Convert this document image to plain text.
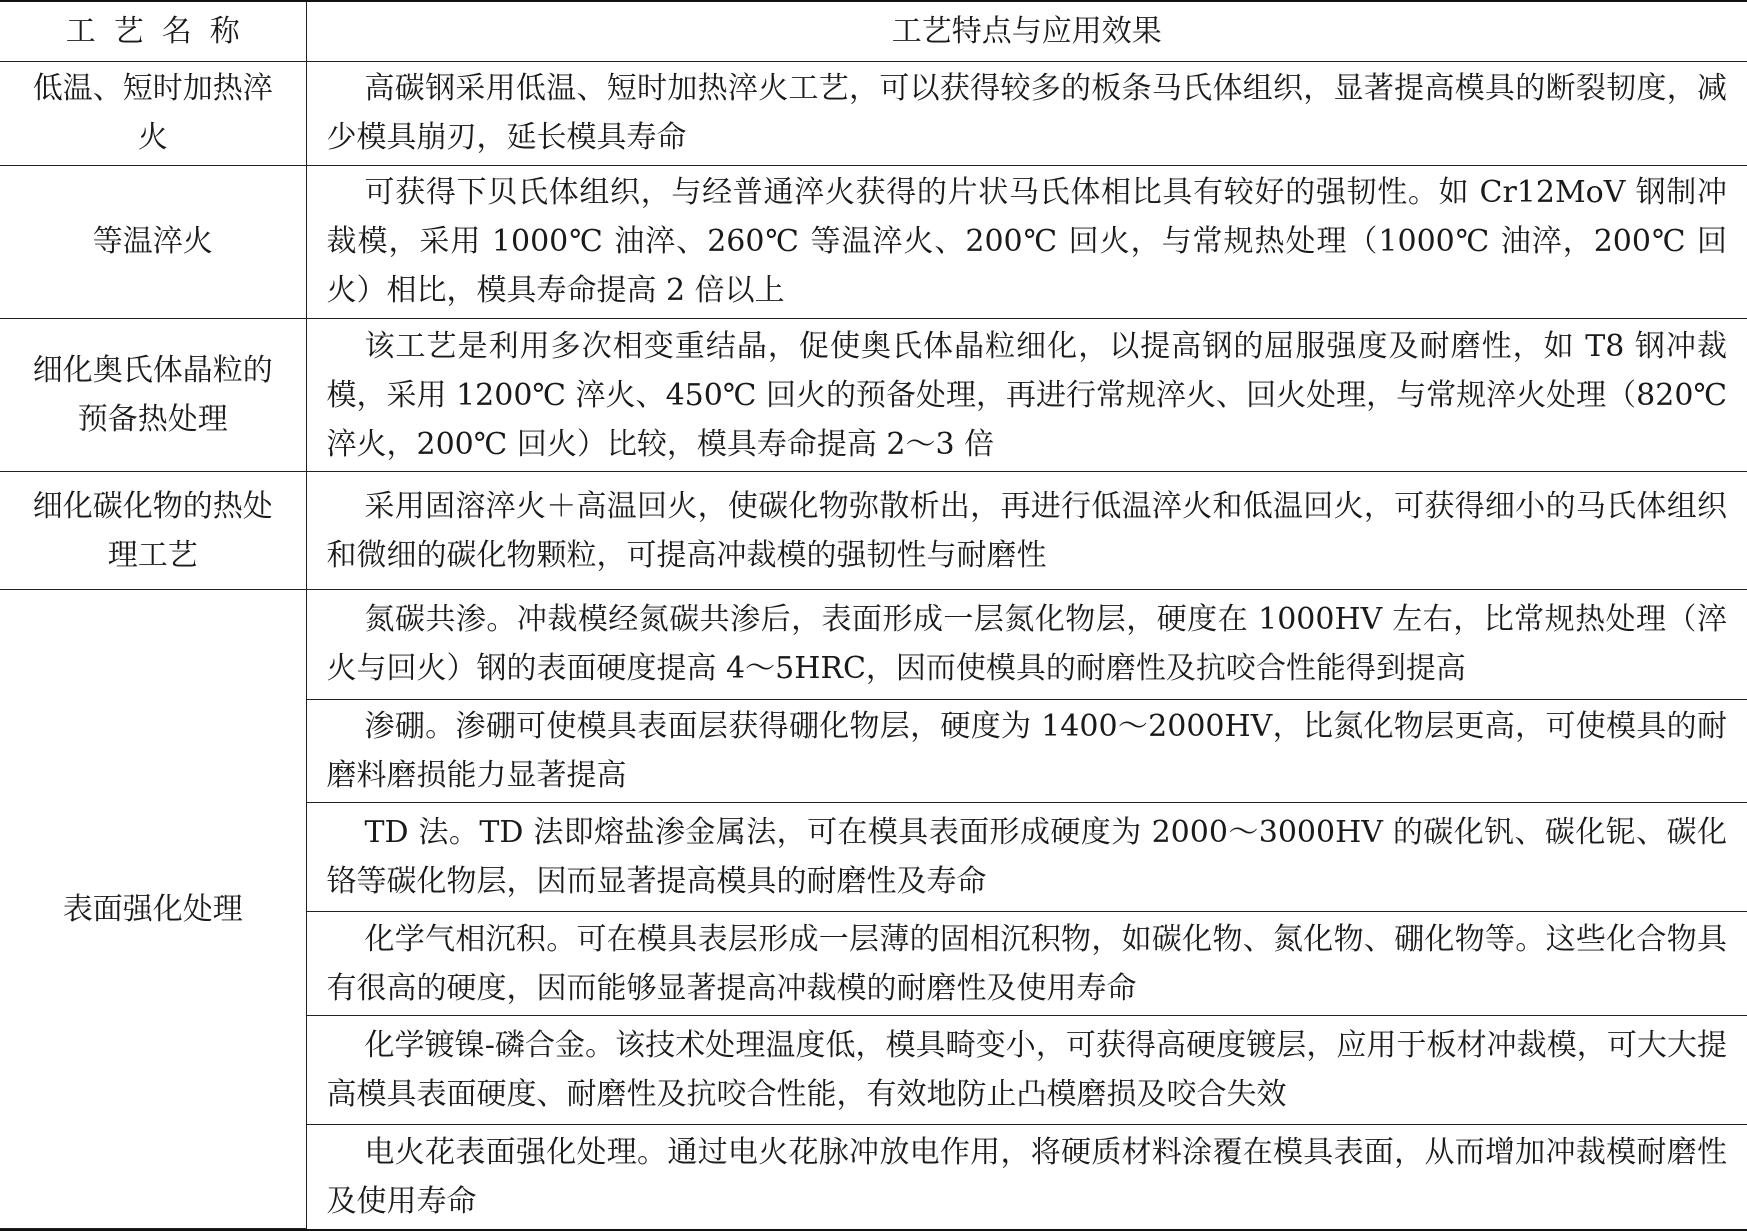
工艺名称	工艺特点与应用效果
低温、短时加热淬火	高碳钢采用低温、短时加热淬火工艺，可以获得较多的板条马氏体组织，显著提高模具的断裂韧度，减少模具崩刃，延长模具寿命
等温淬火	可获得下贝氏体组织，与经普通淬火获得的片状马氏体相比具有较好的强韧性。如 Cr12MoV 钢制冲裁模，采用 1000℃ 油淬、260℃ 等温淬火、200℃ 回火，与常规热处理（1000℃ 油淬，200℃ 回火）相比，模具寿命提高 2 倍以上
细化奥氏体晶粒的预备热处理	该工艺是利用多次相变重结晶，促使奥氏体晶粒细化，以提高钢的屈服强度及耐磨性，如 T8 钢冲裁模，采用 1200℃ 淬火、450℃ 回火的预备处理，再进行常规淬火、回火处理，与常规淬火处理（820℃ 淬火，200℃ 回火）比较，模具寿命提高 2～3 倍
细化碳化物的热处理工艺	采用固溶淬火＋高温回火，使碳化物弥散析出，再进行低温淬火和低温回火，可获得细小的马氏体组织和微细的碳化物颗粒，可提高冲裁模的强韧性与耐磨性
表面强化处理	氮碳共渗。冲裁模经氮碳共渗后，表面形成一层氮化物层，硬度在 1000HV 左右，比常规热处理（淬火与回火）钢的表面硬度提高 4～5HRC，因而使模具的耐磨性及抗咬合性能得到提高
	渗硼。渗硼可使模具表面层获得硼化物层，硬度为 1400～2000HV，比氮化物层更高，可使模具的耐磨料磨损能力显著提高
	TD 法。TD 法即熔盐渗金属法，可在模具表面形成硬度为 2000～3000HV 的碳化钒、碳化铌、碳化铬等碳化物层，因而显著提高模具的耐磨性及寿命
	化学气相沉积。可在模具表层形成一层薄的固相沉积物，如碳化物、氮化物、硼化物等。这些化合物具有很高的硬度，因而能够显著提高冲裁模的耐磨性及使用寿命
	化学镀镍-磷合金。该技术处理温度低，模具畸变小，可获得高硬度镀层，应用于板材冲裁模，可大大提高模具表面硬度、耐磨性及抗咬合性能，有效地防止凸模磨损及咬合失效
	电火花表面强化处理。通过电火花脉冲放电作用，将硬质材料涂覆在模具表面，从而增加冲裁模耐磨性及使用寿命
